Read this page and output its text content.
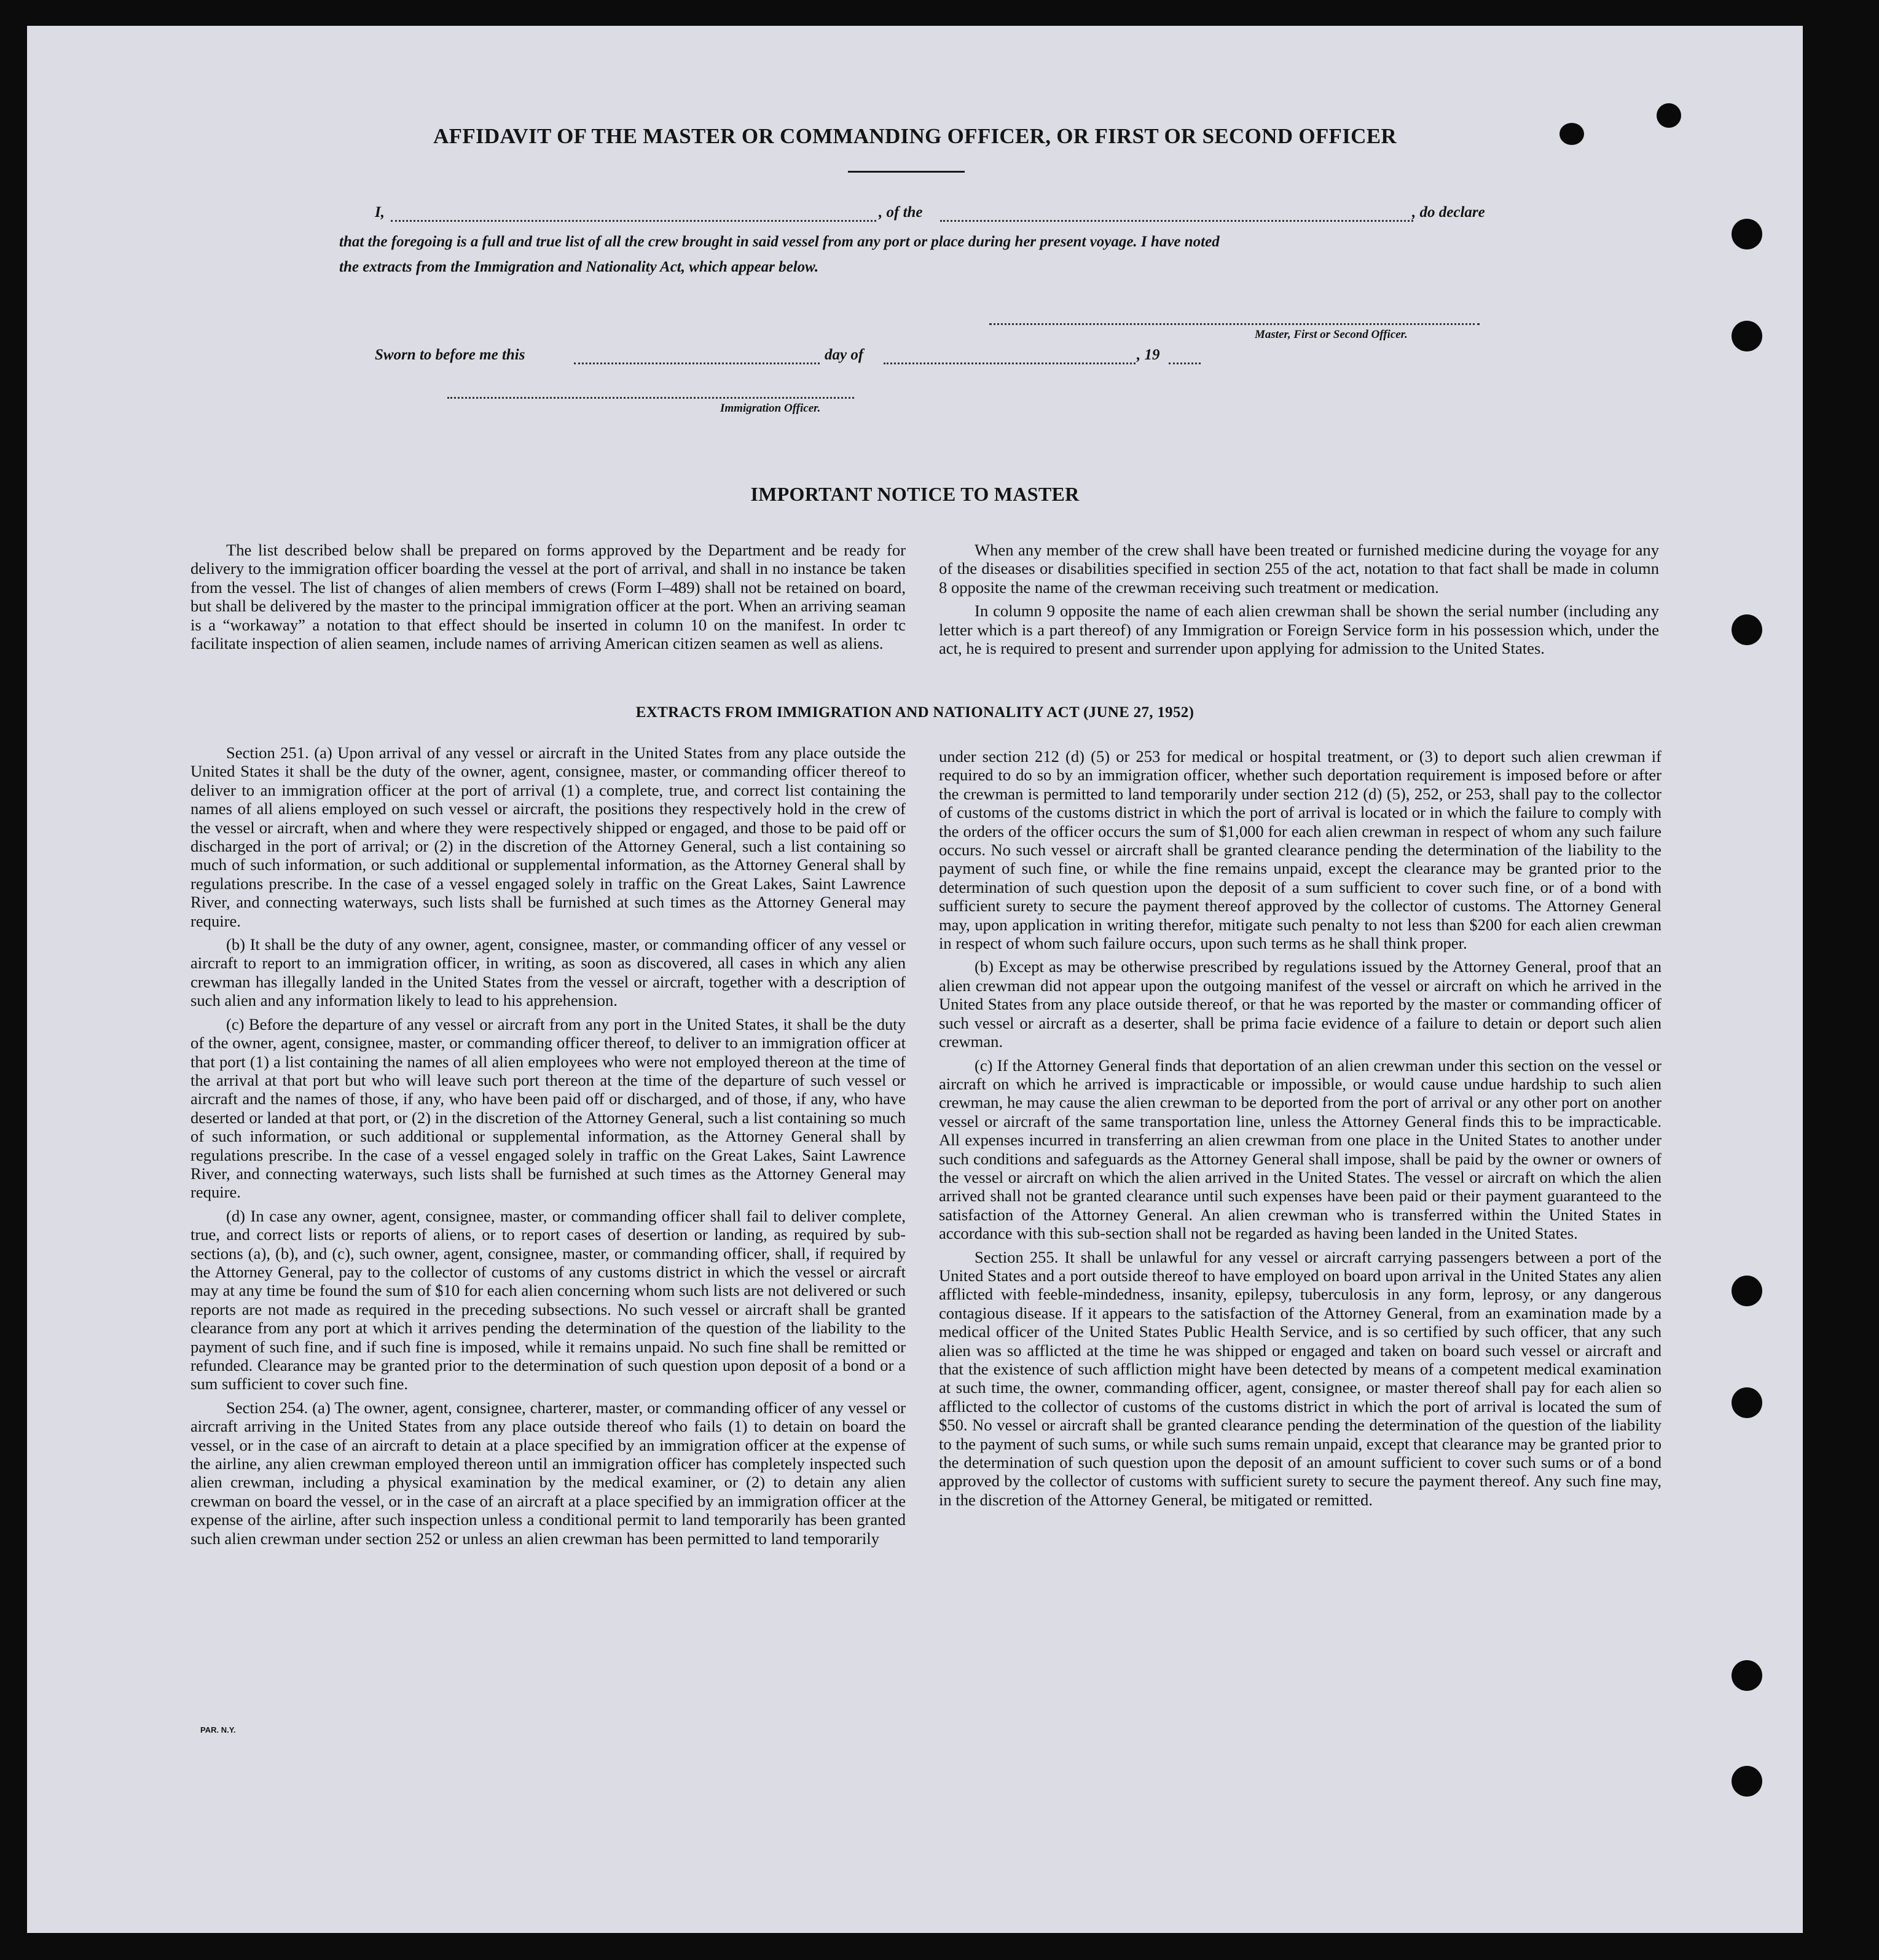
AFFIDAVIT OF THE MASTER OR COMMANDING OFFICER, OR FIRST OR SECOND OFFICER
I,	, of the	, do declare
that the foregoing is a full and true list of all the crew brought in said vessel from any port or place during her present voyage. I have noted
the extracts from the Immigration and Nationality Act, which appear below.
Master, First or Second Officer.
Sworn to before me this	day of	, 19
Immigration Officer.
IMPORTANT NOTICE TO MASTER

The list described below shall be prepared on forms approved by the Department and be ready for delivery to the immigration officer boarding the vessel at the port of arrival, and shall in no instance be taken from the vessel. The list of changes of alien members of crews (Form I–489) shall not be retained on board, but shall be delivered by the master to the principal immigration officer at the port. When an arriving seaman is a “workaway” a notation to that effect should be inserted in column 10 on the manifest. In order tc facilitate inspection of alien seamen, include names of arriving American citizen seamen as well as aliens.

When any member of the crew shall have been treated or furnished medicine during the voyage for any of the diseases or disabilities specified in section 255 of the act, notation to that fact shall be made in column 8 opposite the name of the crewman receiving such treatment or medication.

In column 9 opposite the name of each alien crewman shall be shown the serial number (including any letter which is a part thereof) of any Immigration or Foreign Service form in his possession which, under the act, he is required to present and surrender upon applying for admission to the United States.

EXTRACTS FROM IMMIGRATION AND NATIONALITY ACT (JUNE 27, 1952)

Section 251. (a) Upon arrival of any vessel or aircraft in the United States from any place outside the United States it shall be the duty of the owner, agent, consignee, master, or commanding officer thereof to deliver to an immigration officer at the port of arrival (1) a complete, true, and correct list containing the names of all aliens employed on such vessel or aircraft, the positions they respectively hold in the crew of the vessel or aircraft, when and where they were respectively shipped or engaged, and those to be paid off or discharged in the port of arrival; or (2) in the discretion of the Attorney General, such a list containing so much of such information, or such additional or supplemental information, as the Attorney General shall by regulations prescribe. In the case of a vessel engaged solely in traffic on the Great Lakes, Saint Lawrence River, and connecting waterways, such lists shall be furnished at such times as the Attorney General may require.

(b) It shall be the duty of any owner, agent, consignee, master, or commanding officer of any vessel or aircraft to report to an immigration officer, in writing, as soon as discovered, all cases in which any alien crewman has illegally landed in the United States from the vessel or aircraft, together with a description of such alien and any information likely to lead to his apprehension.

(c) Before the departure of any vessel or aircraft from any port in the United States, it shall be the duty of the owner, agent, consignee, master, or commanding officer thereof, to deliver to an immigration officer at that port (1) a list containing the names of all alien employees who were not employed thereon at the time of the arrival at that port but who will leave such port thereon at the time of the departure of such vessel or aircraft and the names of those, if any, who have been paid off or discharged, and of those, if any, who have deserted or landed at that port, or (2) in the discretion of the Attorney General, such a list containing so much of such information, or such additional or supplemental information, as the Attorney General shall by regulations prescribe. In the case of a vessel engaged solely in traffic on the Great Lakes, Saint Lawrence River, and connecting waterways, such lists shall be furnished at such times as the Attorney General may require.

(d) In case any owner, agent, consignee, master, or commanding officer shall fail to deliver complete, true, and correct lists or reports of aliens, or to report cases of desertion or landing, as required by sub-sections (a), (b), and (c), such owner, agent, consignee, master, or commanding officer, shall, if required by the Attorney General, pay to the collector of customs of any customs district in which the vessel or aircraft may at any time be found the sum of $10 for each alien concerning whom such lists are not delivered or such reports are not made as required in the preceding subsections. No such vessel or aircraft shall be granted clearance from any port at which it arrives pending the determination of the question of the liability to the payment of such fine, and if such fine is imposed, while it remains unpaid. No such fine shall be remitted or refunded. Clearance may be granted prior to the determination of such question upon deposit of a bond or a sum sufficient to cover such fine.

Section 254. (a) The owner, agent, consignee, charterer, master, or commanding officer of any vessel or aircraft arriving in the United States from any place outside thereof who fails (1) to detain on board the vessel, or in the case of an aircraft to detain at a place specified by an immigration officer at the expense of the airline, any alien crewman employed thereon until an immigration officer has completely inspected such alien crewman, including a physical examination by the medical examiner, or (2) to detain any alien crewman on board the vessel, or in the case of an aircraft at a place specified by an immigration officer at the expense of the airline, after such inspection unless a conditional permit to land temporarily has been granted such alien crewman under section 252 or unless an alien crewman has been permitted to land temporarily

under section 212 (d) (5) or 253 for medical or hospital treatment, or (3) to deport such alien crewman if required to do so by an immigration officer, whether such deportation requirement is imposed before or after the crewman is permitted to land temporarily under section 212 (d) (5), 252, or 253, shall pay to the collector of customs of the customs district in which the port of arrival is located or in which the failure to comply with the orders of the officer occurs the sum of $1,000 for each alien crewman in respect of whom any such failure occurs. No such vessel or aircraft shall be granted clearance pending the determination of the liability to the payment of such fine, or while the fine remains unpaid, except the clearance may be granted prior to the determination of such question upon the deposit of a sum sufficient to cover such fine, or of a bond with sufficient surety to secure the payment thereof approved by the collector of customs. The Attorney General may, upon application in writing therefor, mitigate such penalty to not less than $200 for each alien crewman in respect of whom such failure occurs, upon such terms as he shall think proper.

(b) Except as may be otherwise prescribed by regulations issued by the Attorney General, proof that an alien crewman did not appear upon the outgoing manifest of the vessel or aircraft on which he arrived in the United States from any place outside thereof, or that he was reported by the master or commanding officer of such vessel or aircraft as a deserter, shall be prima facie evidence of a failure to detain or deport such alien crewman.

(c) If the Attorney General finds that deportation of an alien crewman under this section on the vessel or aircraft on which he arrived is impracticable or impossible, or would cause undue hardship to such alien crewman, he may cause the alien crewman to be deported from the port of arrival or any other port on another vessel or aircraft of the same transportation line, unless the Attorney General finds this to be impracticable. All expenses incurred in transferring an alien crewman from one place in the United States to another under such conditions and safeguards as the Attorney General shall impose, shall be paid by the owner or owners of the vessel or aircraft on which the alien arrived in the United States. The vessel or aircraft on which the alien arrived shall not be granted clearance until such expenses have been paid or their payment guaranteed to the satisfaction of the Attorney General. An alien crewman who is transferred within the United States in accordance with this sub-section shall not be regarded as having been landed in the United States.

Section 255. It shall be unlawful for any vessel or aircraft carrying passengers between a port of the United States and a port outside thereof to have employed on board upon arrival in the United States any alien afflicted with feeble-mindedness, insanity, epilepsy, tuberculosis in any form, leprosy, or any dangerous contagious disease. If it appears to the satisfaction of the Attorney General, from an examination made by a medical officer of the United States Public Health Service, and is so certified by such officer, that any such alien was so afflicted at the time he was shipped or engaged and taken on board such vessel or aircraft and that the existence of such affliction might have been detected by means of a competent medical examination at such time, the owner, commanding officer, agent, consignee, or master thereof shall pay for each alien so afflicted to the collector of customs of the customs district in which the port of arrival is located the sum of $50. No vessel or aircraft shall be granted clearance pending the determination of the question of the liability to the payment of such sums, or while such sums remain unpaid, except that clearance may be granted prior to the determination of such question upon the deposit of an amount sufficient to cover such sums or of a bond approved by the collector of customs with sufficient surety to secure the payment thereof. Any such fine may, in the discretion of the Attorney General, be mitigated or remitted.

PAR. N.Y.
